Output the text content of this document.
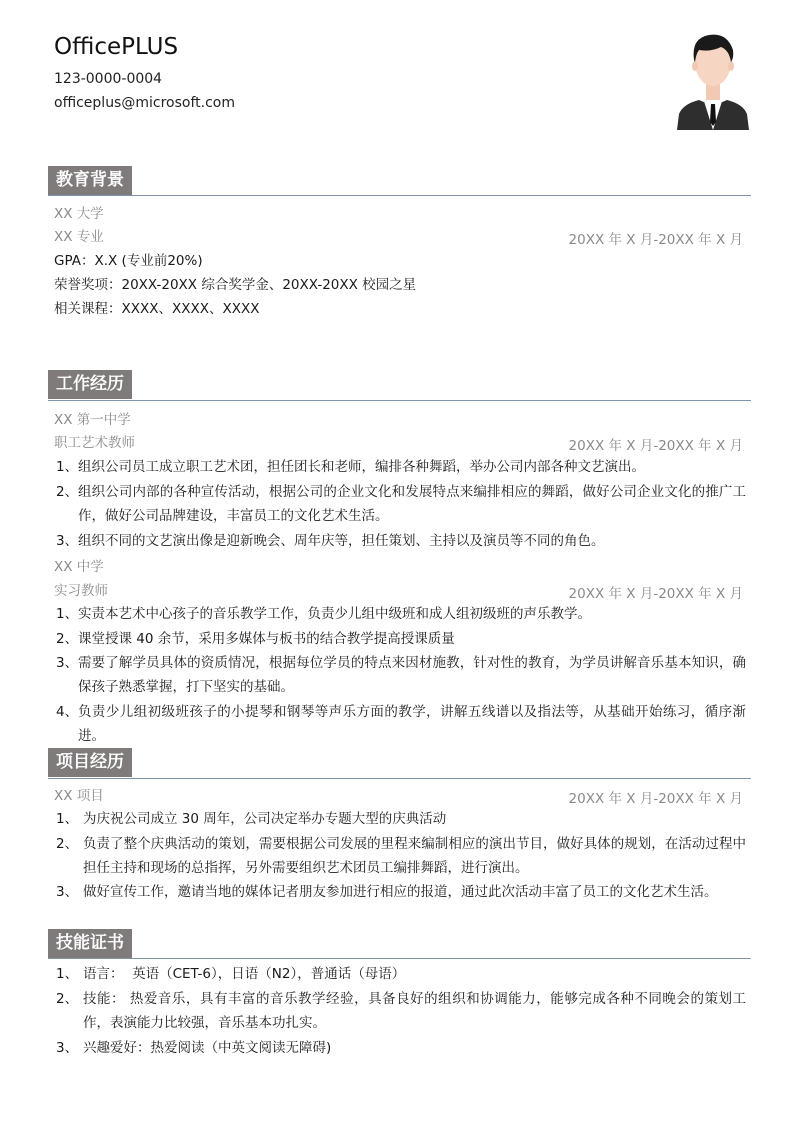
OfficePLUS
123-0000-0004
officeplus@microsoft.com
教育背景
XX 大学
XX 专业	20XX 年 X 月-20XX 年 X 月
GPA：X.X (专业前20%)
荣誉奖项：20XX-20XX 综合奖学金、20XX-20XX 校园之星
相关课程：XXXX、XXXX、XXXX
工作经历
XX 第一中学
职工艺术教师	20XX 年 X 月-20XX 年 X 月
1、 组织公司员工成立职工艺术团，担任团长和老师，编排各种舞蹈，举办公司内部各种文艺演出。
2、 组织公司内部的各种宣传活动，根据公司的企业文化和发展特点来编排相应的舞蹈，做好公司企业文化的推广工作，做好公司品牌建设，丰富员工的文化艺术生活。
3、 组织不同的文艺演出像是迎新晚会、周年庆等，担任策划、主持以及演员等不同的角色。
XX 中学
实习教师	20XX 年 X 月-20XX 年 X 月
1、 实责本艺术中心孩子的音乐教学工作，负责少儿组中级班和成人组初级班的声乐教学。
2、 课堂授课 40 余节，采用多媒体与板书的结合教学提高授课质量
3、 需要了解学员具体的资质情况，根据每位学员的特点来因材施教，针对性的教育，为学员讲解音乐基本知识，确保孩子熟悉掌握，打下坚实的基础。
4、 负责少儿组初级班孩子的小提琴和钢琴等声乐方面的教学，讲解五线谱以及指法等，从基础开始练习，循序渐进。
项目经历
XX 项目	20XX 年 X 月-20XX 年 X 月
1、 为庆祝公司成立 30 周年，公司决定举办专题大型的庆典活动
2、 负责了整个庆典活动的策划，需要根据公司发展的里程来编制相应的演出节目，做好具体的规划，在活动过程中担任主持和现场的总指挥，另外需要组织艺术团员工编排舞蹈，进行演出。
3、 做好宣传工作，邀请当地的媒体记者朋友参加进行相应的报道，通过此次活动丰富了员工的文化艺术生活。
技能证书
1、 语言：  英语（CET-6），日语（N2），普通话（母语）
2、 技能： 热爱音乐，具有丰富的音乐教学经验，具备良好的组织和协调能力，能够完成各种不同晚会的策划工作，表演能力比较强，音乐基本功扎实。
3、 兴趣爱好：热爱阅读（中英文阅读无障碍)
